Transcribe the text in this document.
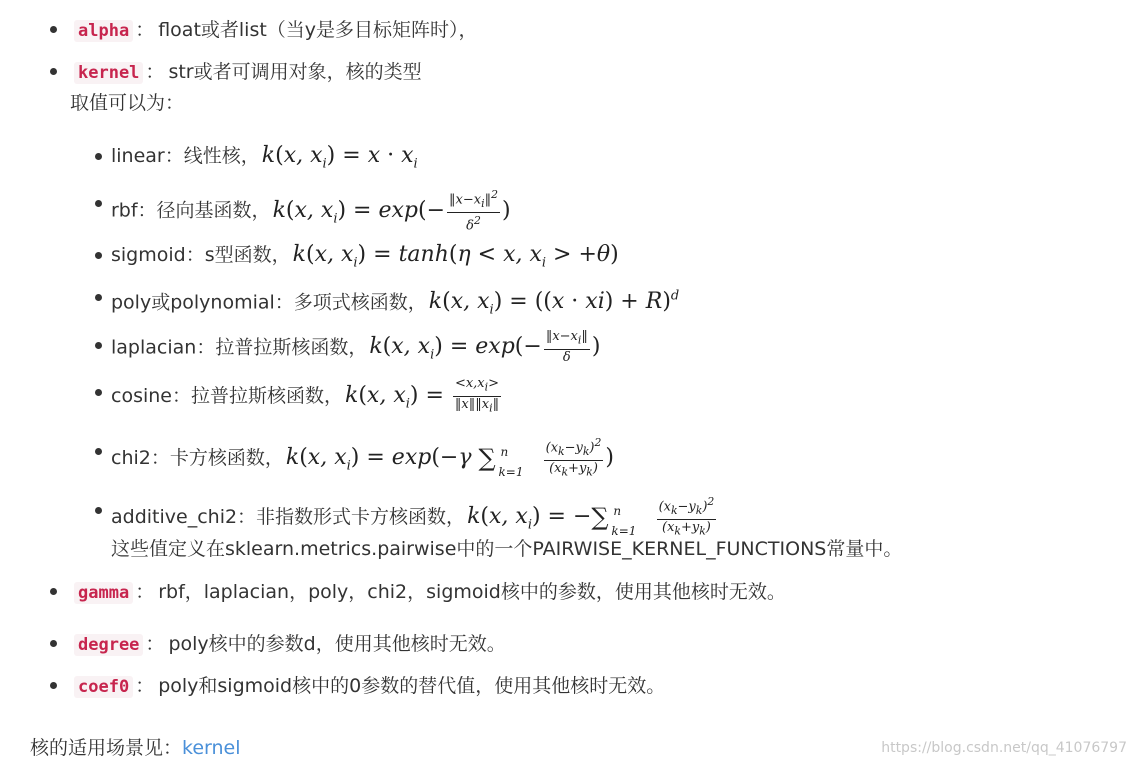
alpha ： float或者list（当y是多目标矩阵时），
kernel ： str或者可调用对象，核的类型
取值可以为：
linear：线性核，k(x, $x_i) = x \cdot x_i$
rbf：径向基函数，k(x, $x_i) = \exp(- \frac{‖x-x_i‖^2}{\delta^2}$ )
sigmoid：s型函数，k(x, $x_i) = \tanh(\eta < x$, $x_i > +\theta$)
poly或polynomial：多项式核函数，k(x, $x_i) = ((x \cdot xi) + R)^d$
laplacian：拉普拉斯核函数，k(x, $x_i) = \exp(- \frac{‖x-x_i‖}{\delta}$ )
cosine：拉普拉斯核函数，k(x, $x_i) = \frac{<x,x_i>}{‖x‖‖x_i‖}$
chi2：卡方核函数，k(x, $x_i) = \exp(-\gamma$ ∑ n
$k=1 \frac{(x_k-y_k)^2}{(x_k+y_k)}$ )
additive_chi2：非指数形式卡方核函数，k(x, $x_i$) = −∑ n
$k=1 \frac{(x_k-y_k)^2}{(x_k+y_k)}$
这些值定义在sklearn.metrics.pairwise中的一个PAIRWISE_KERNEL_FUNCTIONS常量中。
gamma ： rbf，laplacian，poly，chi2，sigmoid核中的参数，使用其他核时无效。
degree ： poly核中的参数d，使用其他核时无效。
coef0 ： poly和sigmoid核中的0参数的替代值，使用其他核时无效。
核的适用场景见：kernel	https://blog.csdn.net/qq_41076797
